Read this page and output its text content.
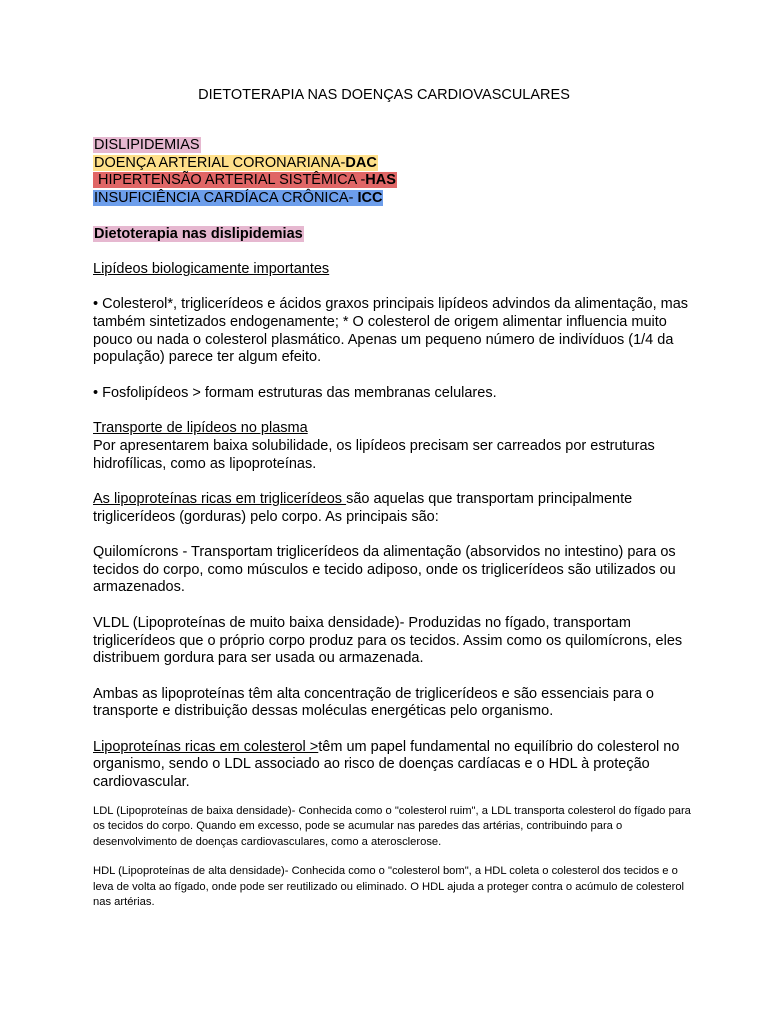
DIETOTERAPIA NAS DOENÇAS CARDIOVASCULARES

DISLIPIDEMIAS

DOENÇA ARTERIAL CORONARIANA-DAC

HIPERTENSÃO ARTERIAL SISTÊMICA -HAS

INSUFICIÊNCIA CARDÍACA CRÔNICA- ICC

Dietoterapia nas dislipidemias

Lipídeos biologicamente importantes

• Colesterol*, triglicerídeos e ácidos graxos principais lipídeos advindos da alimentação, mas também sintetizados endogenamente; * O colesterol de origem alimentar influencia muito pouco ou nada o colesterol plasmático. Apenas um pequeno número de indivíduos (1/4 da população) parece ter algum efeito.

• Fosfolipídeos > formam estruturas das membranas celulares.

Transporte de lipídeos no plasma

Por apresentarem baixa solubilidade, os lipídeos precisam ser carreados por estruturas hidrofílicas, como as lipoproteínas.

As lipoproteínas ricas em triglicerídeos são aquelas que transportam principalmente triglicerídeos (gorduras) pelo corpo. As principais são:

Quilomícrons - Transportam triglicerídeos da alimentação (absorvidos no intestino) para os tecidos do corpo, como músculos e tecido adiposo, onde os triglicerídeos são utilizados ou armazenados.

VLDL (Lipoproteínas de muito baixa densidade)- Produzidas no fígado, transportam triglicerídeos que o próprio corpo produz para os tecidos. Assim como os quilomícrons, eles distribuem gordura para ser usada ou armazenada.

Ambas as lipoproteínas têm alta concentração de triglicerídeos e são essenciais para o transporte e distribuição dessas moléculas energéticas pelo organismo.

Lipoproteínas ricas em colesterol >têm um papel fundamental no equilíbrio do colesterol no organismo, sendo o LDL associado ao risco de doenças cardíacas e o HDL à proteção cardiovascular.

LDL (Lipoproteínas de baixa densidade)- Conhecida como o "colesterol ruim", a LDL transporta colesterol do fígado para os tecidos do corpo. Quando em excesso, pode se acumular nas paredes das artérias, contribuindo para o desenvolvimento de doenças cardiovasculares, como a aterosclerose.

HDL (Lipoproteínas de alta densidade)- Conhecida como o "colesterol bom", a HDL coleta o colesterol dos tecidos e o leva de volta ao fígado, onde pode ser reutilizado ou eliminado. O HDL ajuda a proteger contra o acúmulo de colesterol nas artérias.
